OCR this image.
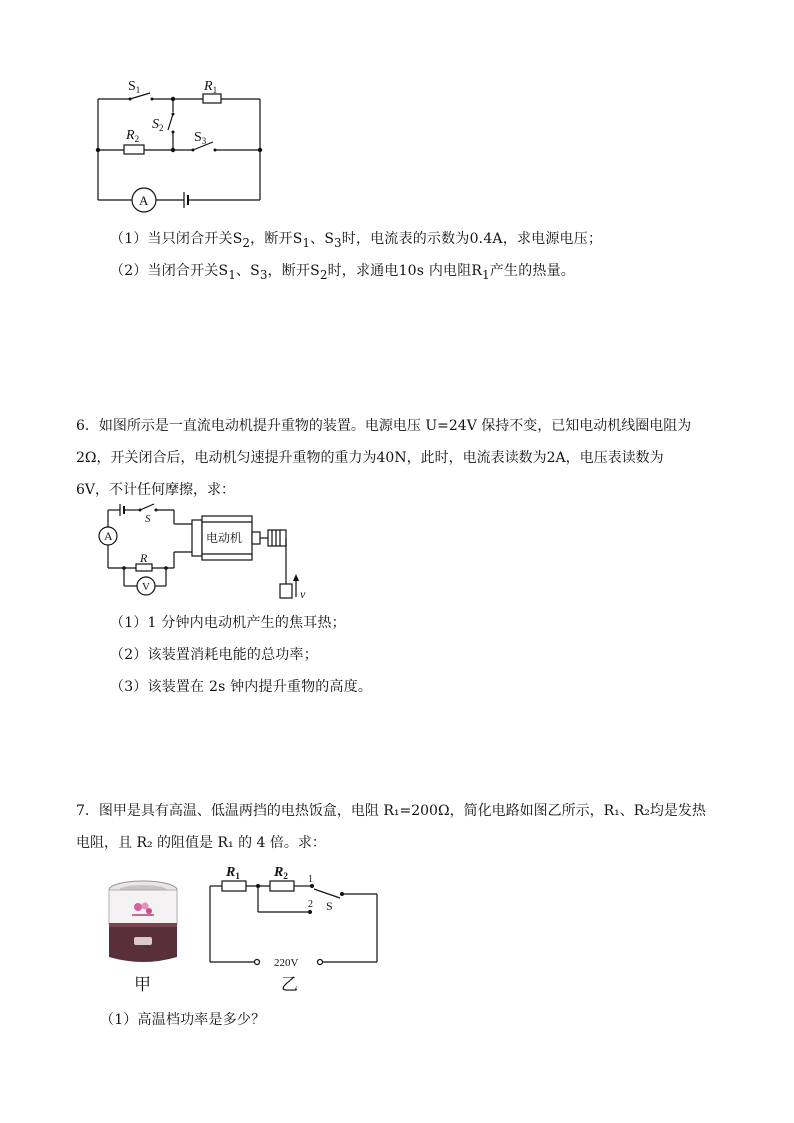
$S_1$	$R_1$
$S_2$
$R_2$	$S_3$
A
（1）当只闭合开关$S_2$，断开$S_1$、$S_3$时，电流表的示数为0.4A，求电源电压；
（2）当闭合开关$S_1$、$S_3$，断开$S_2$时，求通电10s 内电阻$R_1$产生的热量。
6．如图所示是一直流电动机提升重物的装置。电源电压 U=24V 保持不变，已知电动机线圈电阻为
2Ω，开关闭合后，电动机匀速提升重物的重力为40N，此时，电流表读数为2A，电压表读数为
6V，不计任何摩擦，求：
A
S
R
V
电动机
v
（1）1 分钟内电动机产生的焦耳热；
（2）该装置消耗电能的总功率；
（3）该装置在 2s 钟内提升重物的高度。
7．图甲是具有高温、低温两挡的电热饭盒，电阻 R₁=200Ω，简化电路如图乙所示，R₁、R₂均是发热
电阻，且 R₂ 的阻值是 R₁ 的 4 倍。求：
$R_1$ $R_2$ 1
2 S
220V
甲	乙
（1）高温档功率是多少？
